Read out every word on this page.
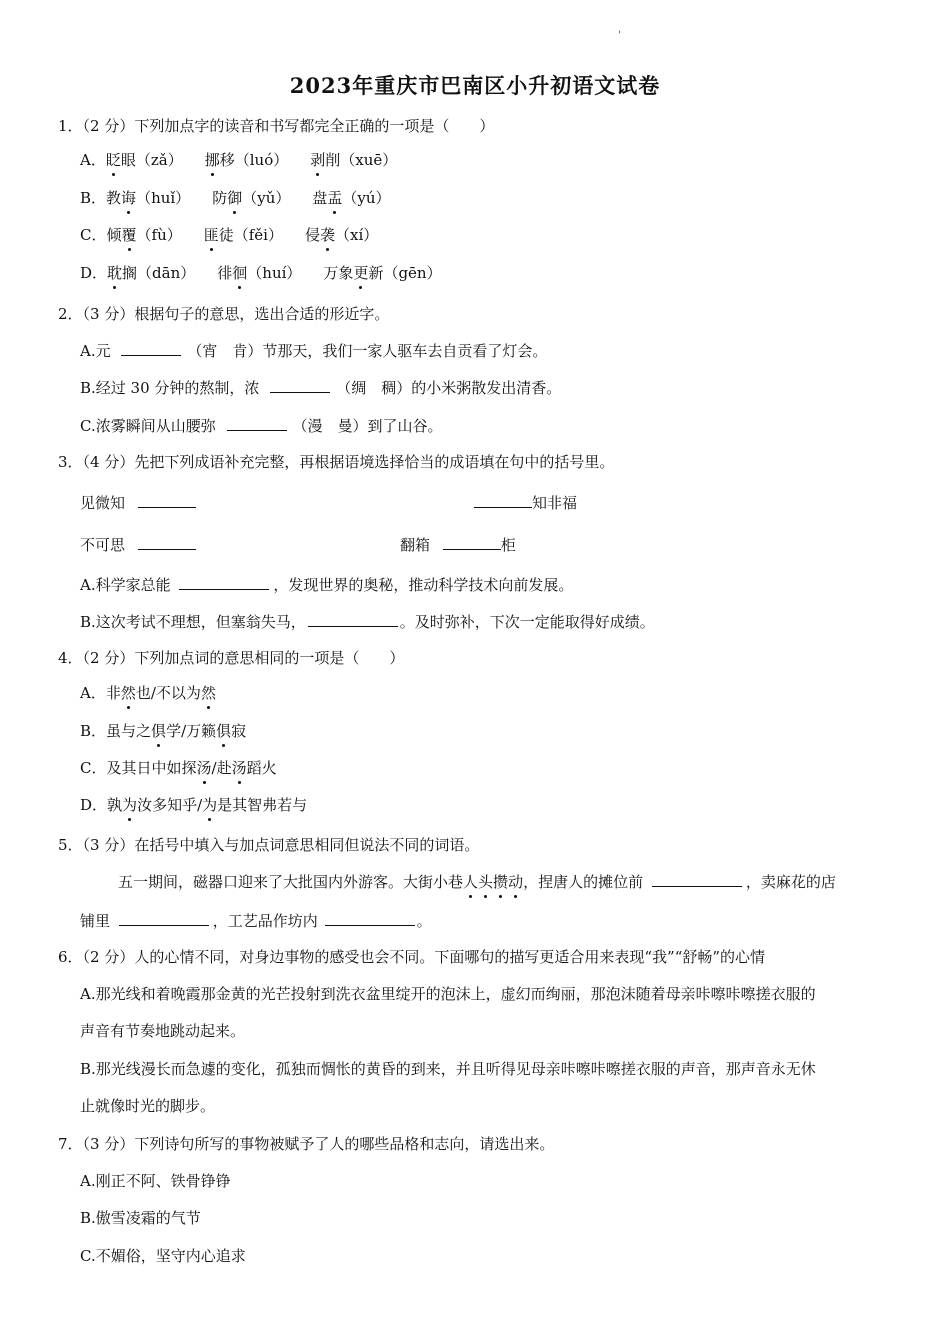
'
2023年重庆市巴南区小升初语文试卷
1．（2 分）下列加点字的读音和书写都完全正确的一项是（　　）
A．眨眼（zǎ） 挪移（luó） 剥削（xuē）
B．教诲（huǐ） 防御（yǔ） 盘盂（yú）
C．倾覆（fù） 匪徒（fěi） 侵袭（xí）
D．耽搁（dān） 徘徊（huí） 万象更新（gēn）
2．（3 分）根据句子的意思，选出合适的形近字。
A.元	（宵　肯）节那天，我们一家人驱车去自贡看了灯会。
B.经过 30 分钟的熬制，浓	（绸　稠）的小米粥散发出清香。
C.浓雾瞬间从山腰弥	（漫　曼）到了山谷。
3．（4 分）先把下列成语补充完整，再根据语境选择恰当的成语填在句中的括号里。
见微知	知非福
不可思	翻箱	柜
A.科学家总能	，发现世界的奥秘，推动科学技术向前发展。
B.这次考试不理想，但塞翁失马，	。及时弥补，下次一定能取得好成绩。
4．（2 分）下列加点词的意思相同的一项是（　　）
A．非然也/不以为然
B．虽与之俱学/万籁俱寂
C．及其日中如探汤/赴汤蹈火
D．孰为汝多知乎/为是其智弗若与
5．（3 分）在括号中填入与加点词意思相同但说法不同的词语。
五一期间，磁器口迎来了大批国内外游客。大街小巷人头攒动，捏唐人的摊位前	，卖麻花的店
铺里	，工艺品作坊内	。
6．（2 分）人的心情不同，对身边事物的感受也会不同。下面哪句的描写更适合用来表现“我”“舒畅”的心情
A.那光线和着晚霞那金黄的光芒投射到洗衣盆里绽开的泡沫上，虚幻而绚丽，那泡沫随着母亲咔嚓咔嚓搓衣服的
声音有节奏地跳动起来。
B.那光线漫长而急遽的变化，孤独而惆怅的黄昏的到来，并且听得见母亲咔嚓咔嚓搓衣服的声音，那声音永无休
止就像时光的脚步。
7．（3 分）下列诗句所写的事物被赋予了人的哪些品格和志向，请选出来。
A.刚正不阿、铁骨铮铮
B.傲雪凌霜的气节
C.不媚俗，坚守内心追求
